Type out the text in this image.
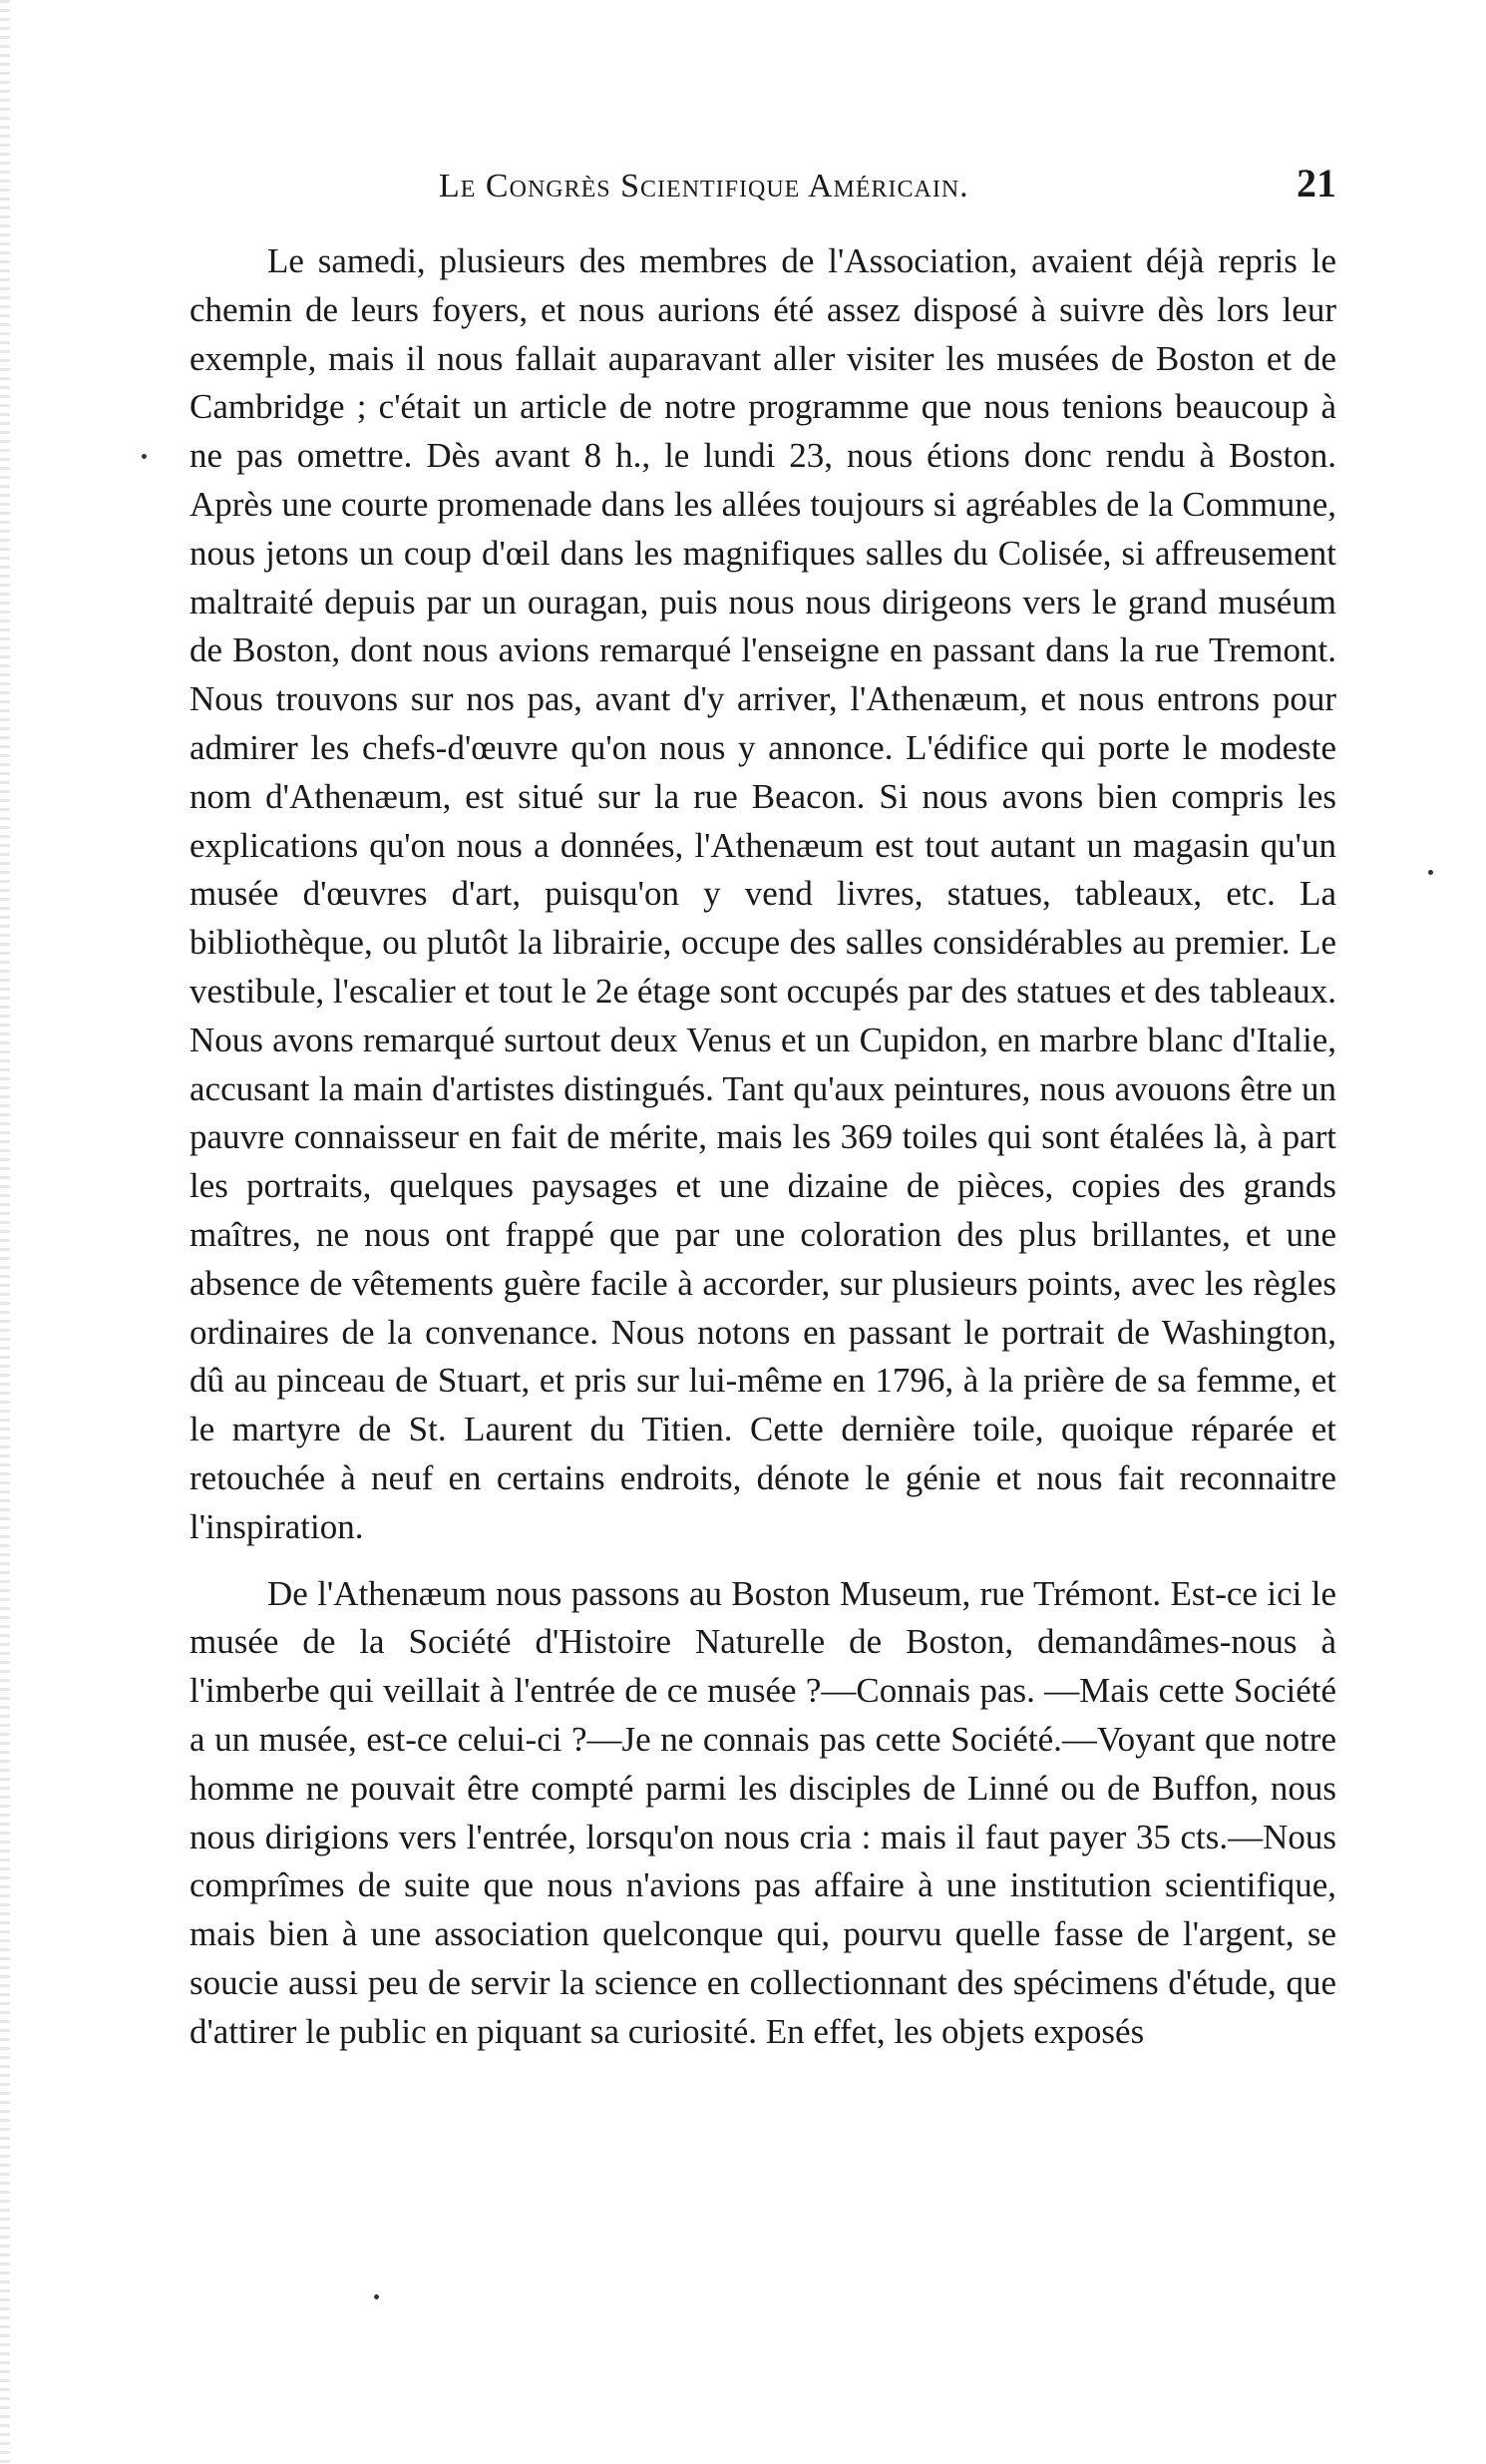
Le Congrès Scientifique Américain.	21

Le samedi, plusieurs des membres de l'Association, avaient déjà repris le chemin de leurs foyers, et nous aurions été assez disposé à suivre dès lors leur exemple, mais il nous fallait auparavant aller visiter les musées de Boston et de Cambridge ; c'était un article de notre programme que nous tenions beaucoup à ne pas omettre. Dès avant 8 h., le lundi 23, nous étions donc rendu à Boston. Après une courte promenade dans les allées toujours si agréables de la Commune, nous jetons un coup d'œil dans les magnifiques salles du Colisée, si affreusement maltraité depuis par un ouragan, puis nous nous dirigeons vers le grand muséum de Boston, dont nous avions remarqué l'enseigne en passant dans la rue Tremont. Nous trouvons sur nos pas, avant d'y arriver, l'Athenæum, et nous entrons pour admirer les chefs-d'œuvre qu'on nous y annonce. L'édifice qui porte le modeste nom d'Athenæum, est situé sur la rue Beacon. Si nous avons bien compris les explications qu'on nous a données, l'Athenæum est tout autant un magasin qu'un musée d'œuvres d'art, puisqu'on y vend livres, statues, tableaux, etc. La bibliothèque, ou plutôt la librairie, occupe des salles considérables au premier. Le vestibule, l'escalier et tout le 2e étage sont occupés par des statues et des tableaux. Nous avons remarqué surtout deux Venus et un Cupidon, en marbre blanc d'Italie, accusant la main d'artistes distingués. Tant qu'aux peintures, nous avouons être un pauvre connaisseur en fait de mérite, mais les 369 toiles qui sont étalées là, à part les portraits, quelques paysages et une dizaine de pièces, copies des grands maîtres, ne nous ont frappé que par une coloration des plus brillantes, et une absence de vêtements guère facile à accorder, sur plusieurs points, avec les règles ordinaires de la convenance. Nous notons en passant le portrait de Washington, dû au pinceau de Stuart, et pris sur lui-même en 1796, à la prière de sa femme, et le martyre de St. Laurent du Titien. Cette dernière toile, quoique réparée et retouchée à neuf en certains endroits, dénote le génie et nous fait reconnaitre l'inspiration.

De l'Athenæum nous passons au Boston Museum, rue Trémont. Est-ce ici le musée de la Société d'Histoire Naturelle de Boston, demandâmes-nous à l'imberbe qui veillait à l'entrée de ce musée ?—Connais pas. —Mais cette Société a un musée, est-ce celui-ci ?—Je ne connais pas cette Société.—Voyant que notre homme ne pouvait être compté parmi les disciples de Linné ou de Buffon, nous nous dirigions vers l'entrée, lorsqu'on nous cria : mais il faut payer 35 cts.—Nous comprîmes de suite que nous n'avions pas affaire à une institution scientifique, mais bien à une association quelconque qui, pourvu quelle fasse de l'argent, se soucie aussi peu de servir la science en collectionnant des spécimens d'étude, que d'attirer le public en piquant sa curiosité. En effet, les objets exposés
